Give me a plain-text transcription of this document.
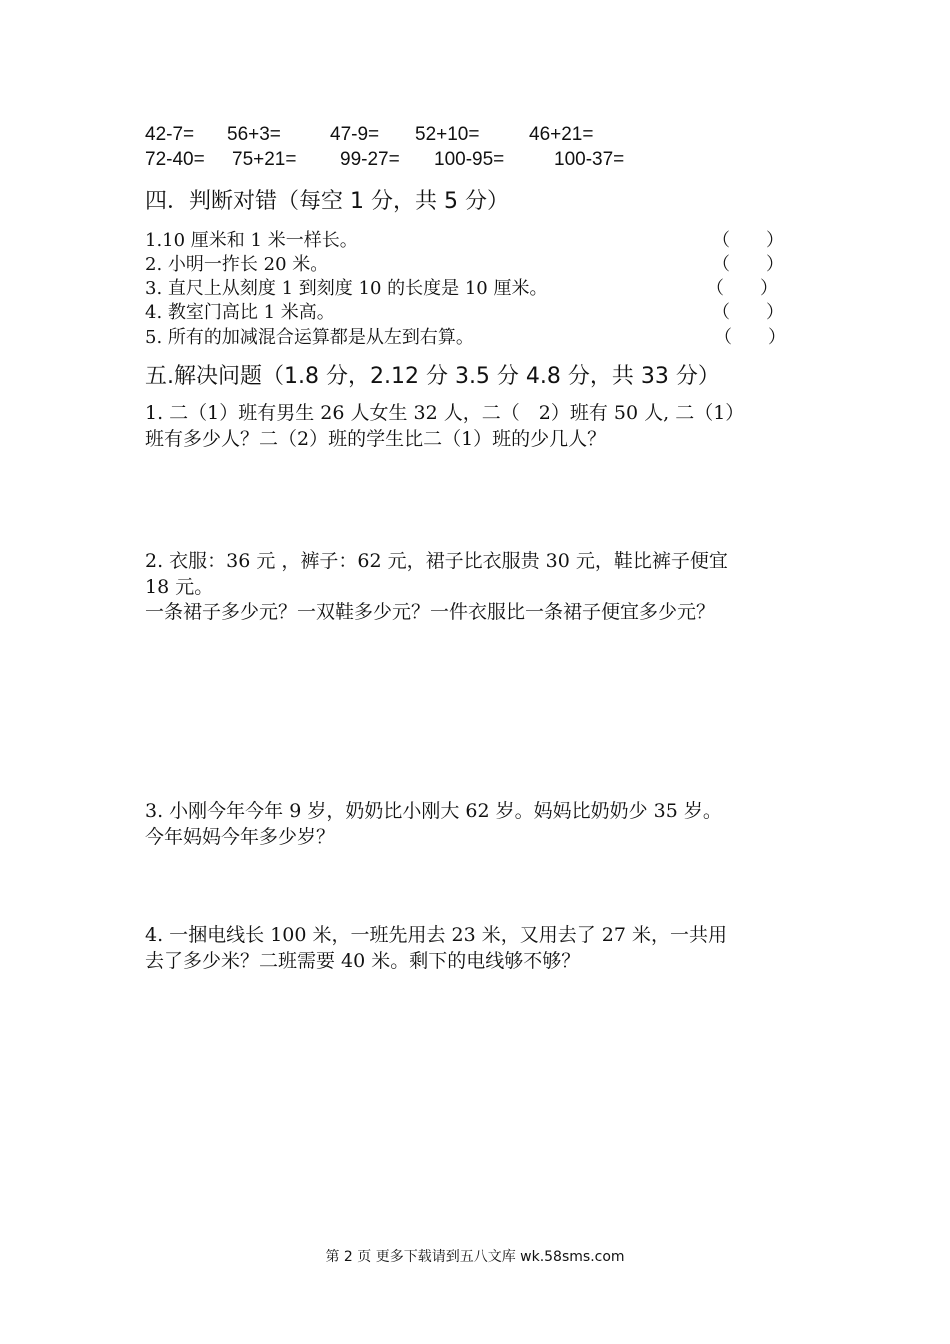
42-7= 56+3=	47-9= 52+10=	46+21=
72-40= 75+21= 99-27= 100-95=	100-37=
四．判断对错（每空 1 分，共 5 分）
1.10 厘米和 1 米一样长。	（　　）
2. 小明一拃长 20 米。	（　　）
3. 直尺上从刻度 1 到刻度 10 的长度是 10 厘米。	（　　）
4. 教室门高比 1 米高。	（　　）
5. 所有的加减混合运算都是从左到右算。	（　　）
五.解决问题（1.8 分，2.12 分 3.5 分 4.8 分，共 33 分）
1. 二（1）班有男生 26 人女生 32 人，二（　2）班有 50 人, 二（1）
班有多少人？二（2）班的学生比二（1）班的少几人？
2. 衣服：36 元 ，裤子：62 元，裙子比衣服贵 30 元，鞋比裤子便宜
18 元。
一条裙子多少元？一双鞋多少元？一件衣服比一条裙子便宜多少元？
3. 小刚今年今年 9 岁，奶奶比小刚大 62 岁。妈妈比奶奶少 35 岁。
今年妈妈今年多少岁？
4. 一捆电线长 100 米，一班先用去 23 米，又用去了 27 米，一共用
去了多少米？二班需要 40 米。剩下的电线够不够？
第 2 页 更多下载请到五八文库 wk.58sms.com
